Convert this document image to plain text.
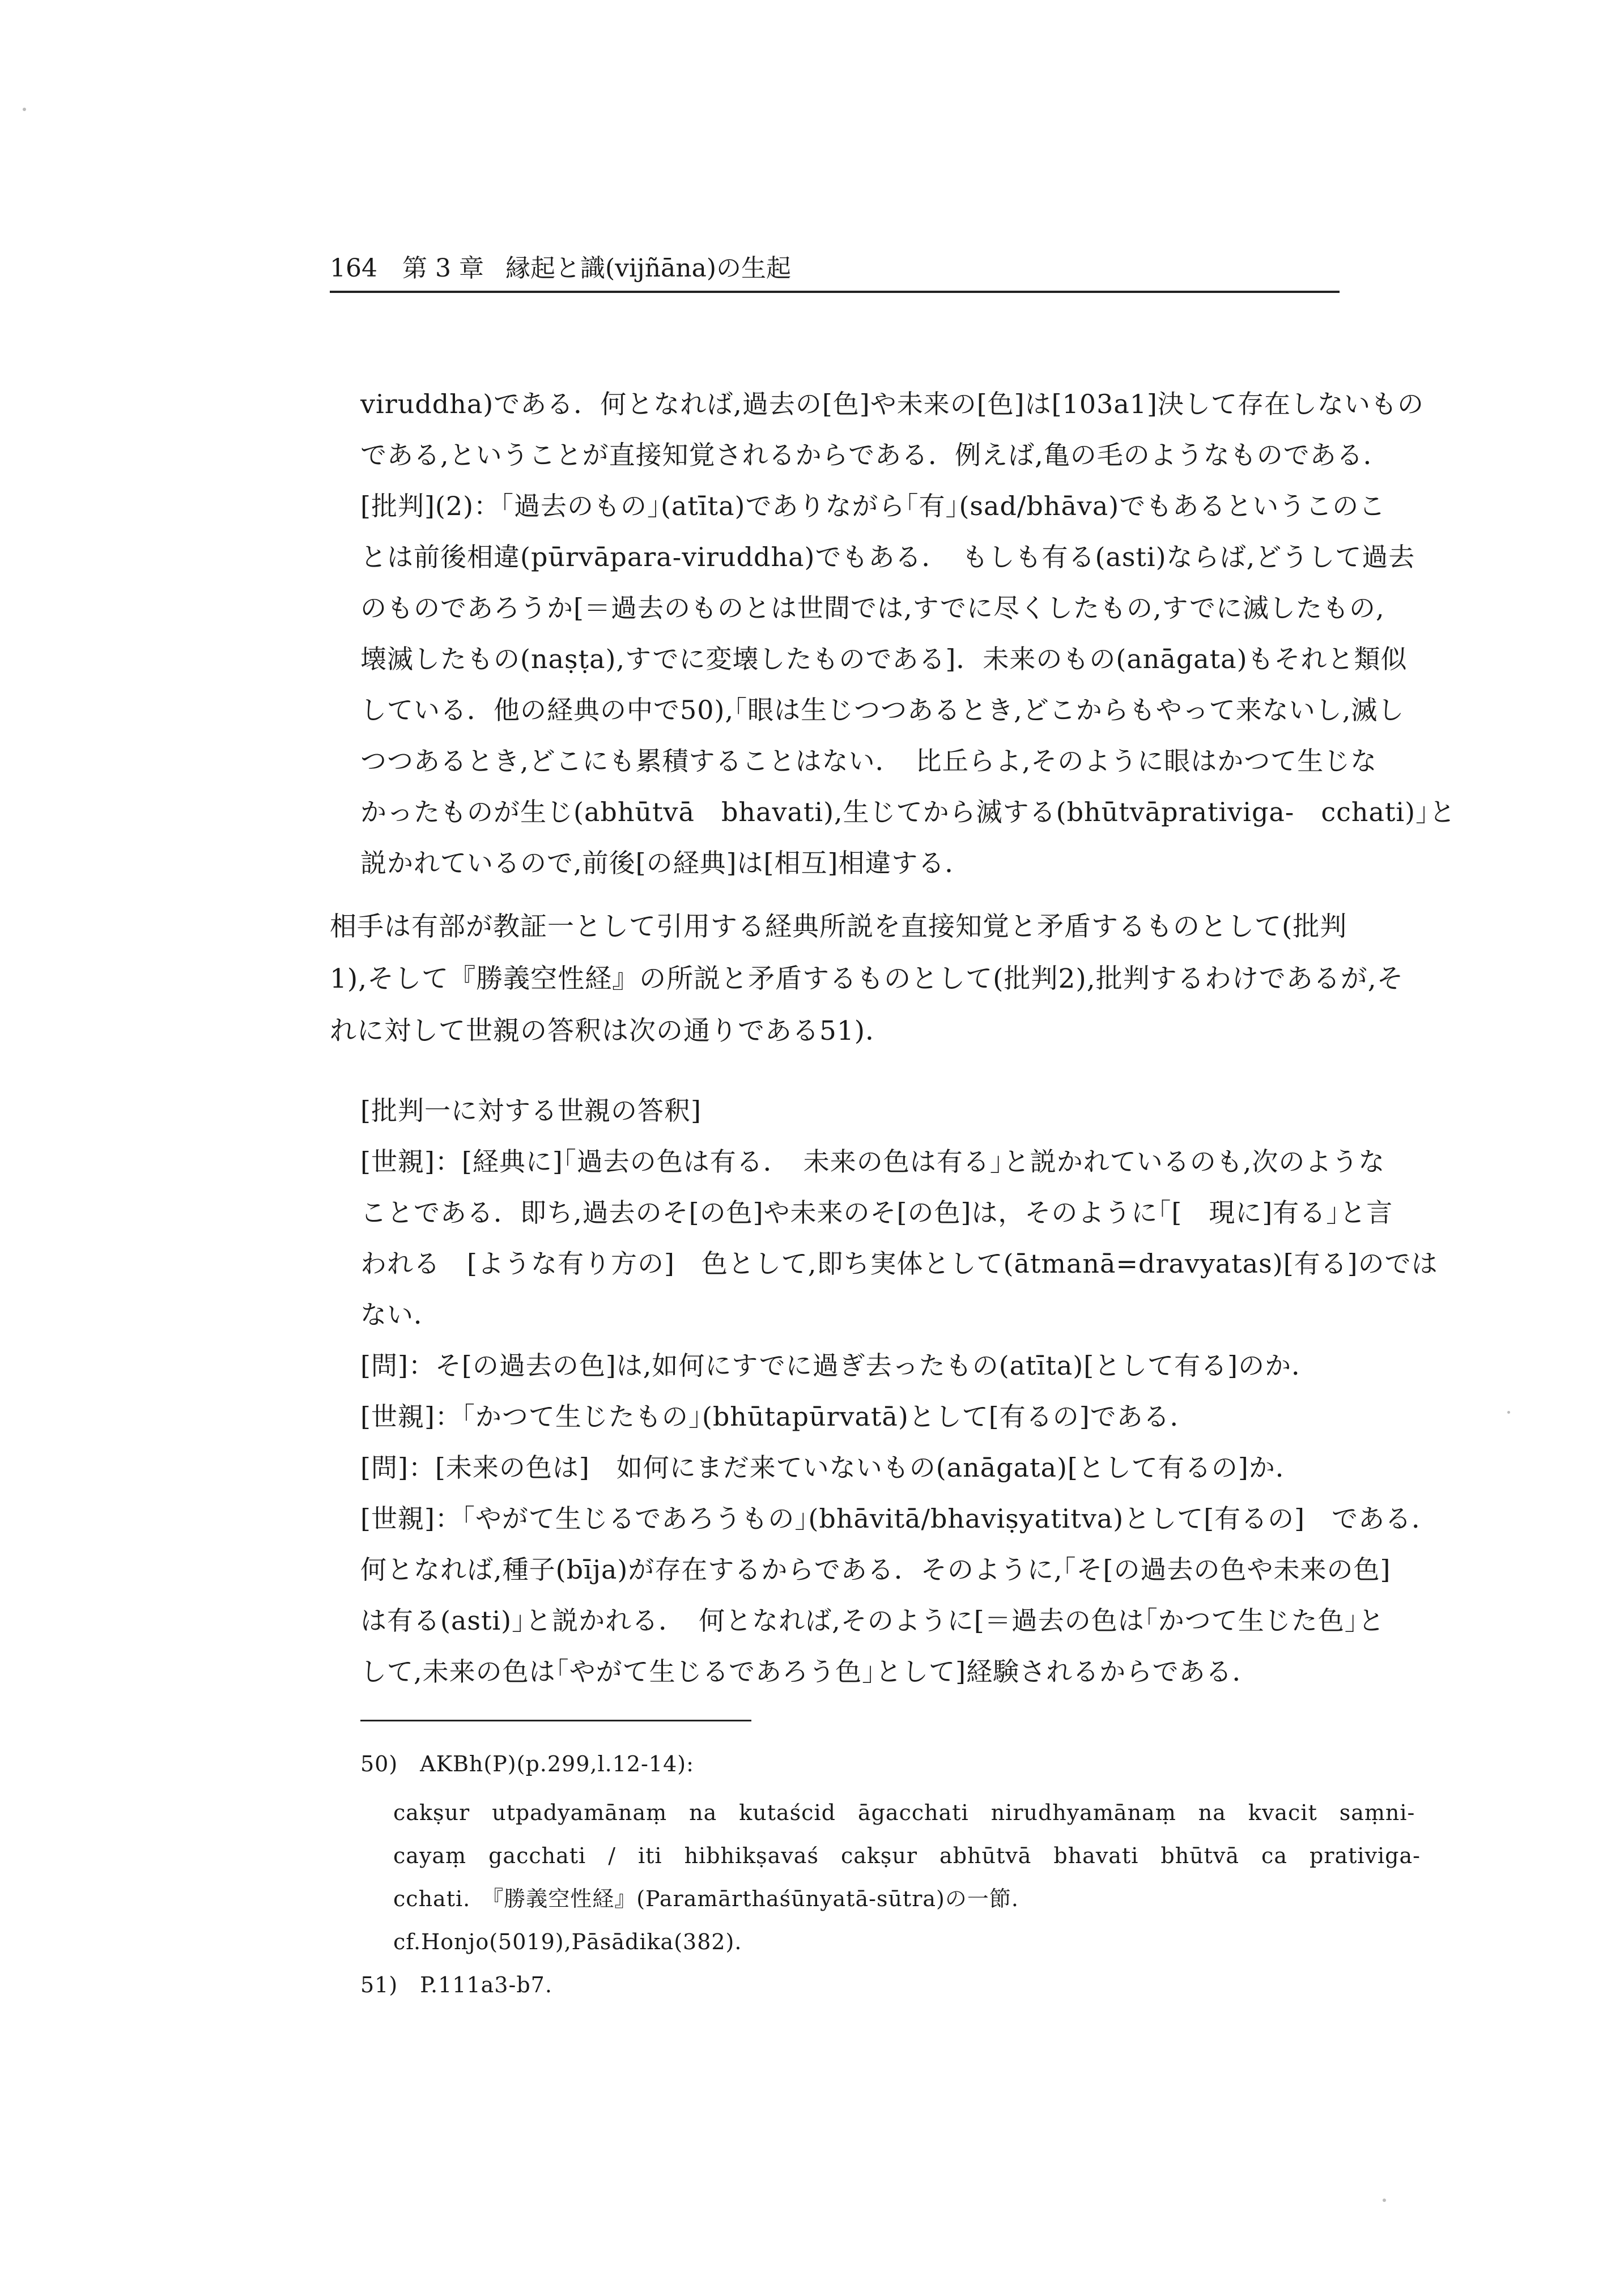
164 第 3 章 縁起と識(vijñāna)の生起
viruddha)である．何となれば,過去の[色]や未来の[色]は[103a1]決して存在しないもの
である,ということが直接知覚されるからである．例えば,亀の毛のようなものである．
[批判](2)：｢過去のもの｣(atīta)でありながら｢有｣(sad/bhāva)でもあるというこのこ
とは前後相違(pūrvāpara-viruddha)でもある．　もしも有る(asti)ならば,どうして過去
のものであろうか[＝過去のものとは世間では,すでに尽くしたもの,すでに滅したもの,
壊滅したもの(naṣṭa),すでに変壊したものである]．未来のもの(anāgata)もそれと類似
している．他の経典の中で50),｢眼は生じつつあるとき,どこからもやって来ないし,滅し
つつあるとき,どこにも累積することはない．　比丘らよ,そのように眼はかつて生じな
かったものが生じ(abhūtvā　bhavati),生じてから滅する(bhūtvāprativiga-　cchati)｣と
説かれているので,前後[の経典]は[相互]相違する．
相手は有部が教証一として引用する経典所説を直接知覚と矛盾するものとして(批判
1),そして『勝義空性経』の所説と矛盾するものとして(批判2),批判するわけであるが,そ
れに対して世親の答釈は次の通りである51)．
[批判一に対する世親の答釈]
[世親]：[経典に]｢過去の色は有る．　未来の色は有る｣と説かれているのも,次のような
ことである．即ち,過去のそ[の色]や未来のそ[の色]は，そのように｢[　現に]有る｣と言
われる　[ような有り方の]　色として,即ち実体として(ātmanā=dravyatas)[有る]のでは
ない．
[問]：そ[の過去の色]は,如何にすでに過ぎ去ったもの(atīta)[として有る]のか．
[世親]：｢かつて生じたもの｣(bhūtapūrvatā)として[有るの]である．
[問]：[未来の色は]　如何にまだ来ていないもの(anāgata)[として有るの]か．
[世親]：｢やがて生じるであろうもの｣(bhāvitā/bhaviṣyatitva)として[有るの]　である．
何となれば,種子(bīja)が存在するからである．そのように,｢そ[の過去の色や未来の色]
は有る(asti)｣と説かれる．　何となれば,そのように[＝過去の色は｢かつて生じた色｣と
して,未来の色は｢やがて生じるであろう色｣として]経験されるからである．
50)　AKBh(P)(p.299,l.12-14):
cakṣur　utpadyamānaṃ　na　kutaścid　āgacchati　nirudhyamānaṃ　na　kvacit　saṃni-
cayaṃ　gacchati　/　iti　hibhikṣavaś　cakṣur　abhūtvā　bhavati　bhūtvā　ca　prativiga-
cchati.　『勝義空性経』(Paramārthaśūnyatā-sūtra)の一節.
cf.Honjo(5019),Pāsādika(382).
51)　P.111a3-b7.
